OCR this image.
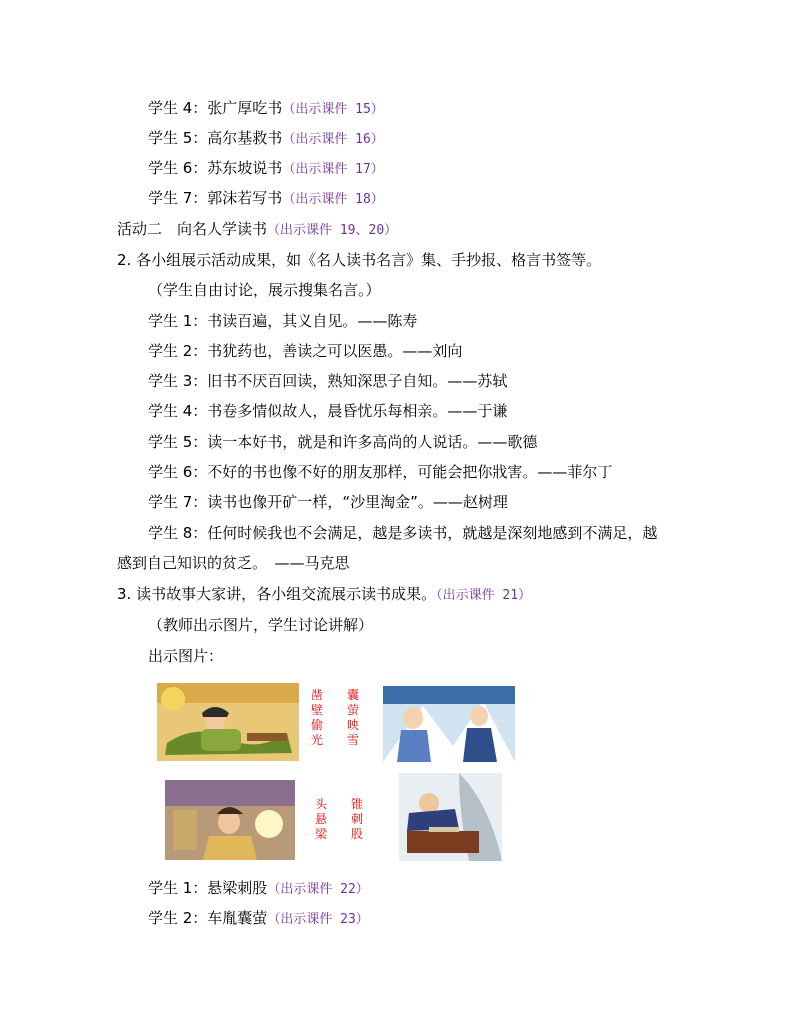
学生 4：张广厚吃书（出示课件 15）
学生 5：高尔基救书（出示课件 16）
学生 6：苏东坡说书（出示课件 17）
学生 7：郭沫若写书（出示课件 18）
活动二　向名人学读书（出示课件 19、20）
2. 各小组展示活动成果，如《名人读书名言》集、手抄报、格言书签等。
（学生自由讨论，展示搜集名言。）
学生 1：书读百遍，其义自见。——陈寿
学生 2：书犹药也，善读之可以医愚。——刘向
学生 3：旧书不厌百回读，熟知深思子自知。——苏轼
学生 4：书卷多情似故人，晨昏忧乐每相亲。——于谦
学生 5：读一本好书，就是和许多高尚的人说话。——歌德
学生 6：不好的书也像不好的朋友那样，可能会把你戕害。——菲尔丁
学生 7：读书也像开矿一样，“沙里淘金”。——赵树理
学生 8：任何时候我也不会满足，越是多读书，就越是深刻地感到不满足，越
感到自己知识的贫乏。　——马克思
3. 读书故事大家讲，各小组交流展示读书成果。（出示课件 21）
（教师出示图片，学生讨论讲解）
出示图片：
凿壁偷光
囊萤映雪
头悬梁
锥刺股
学生 1：悬梁刺股（出示课件 22）
学生 2：车胤囊萤（出示课件 23）
